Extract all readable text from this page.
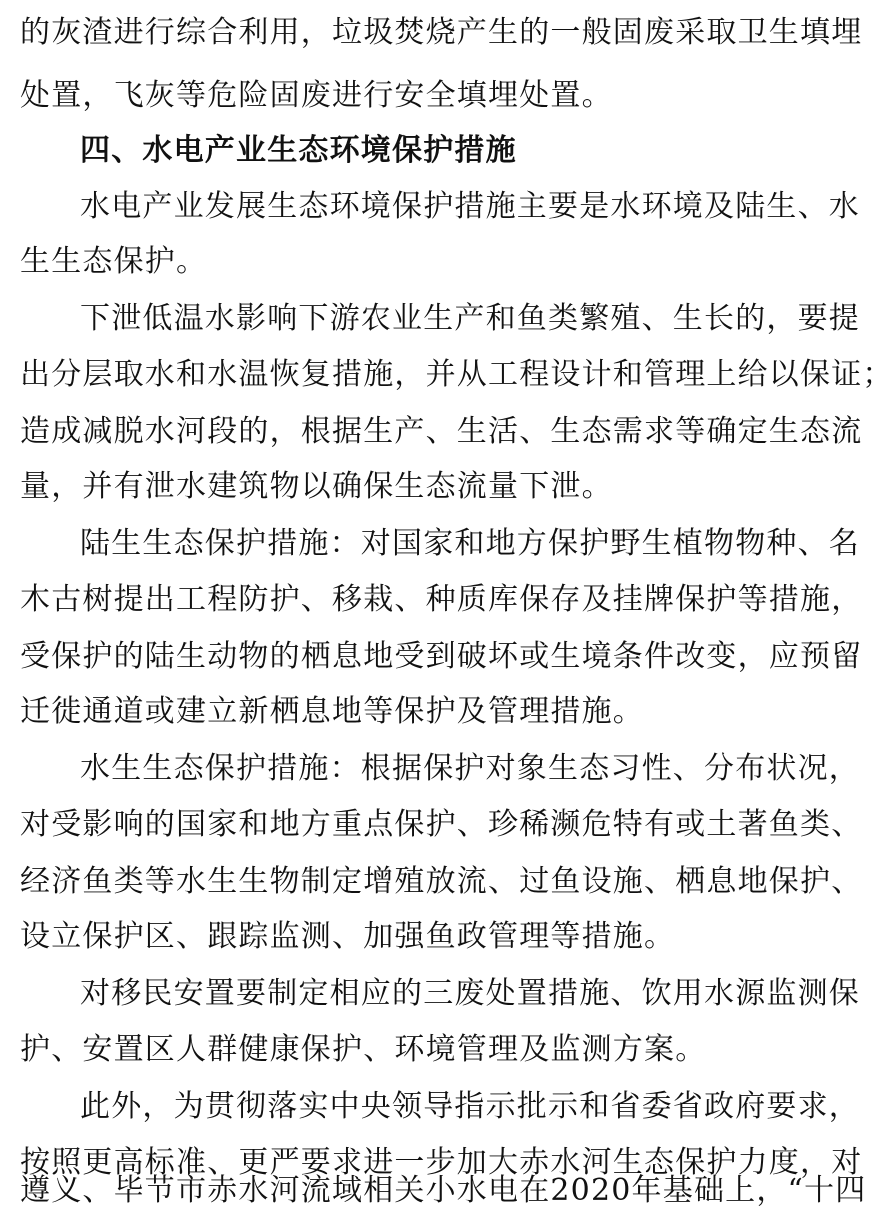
的灰渣进行综合利用，垃圾焚烧产生的一般固废采取卫生填埋
处置，飞灰等危险固废进行安全填埋处置。
四、水电产业生态环境保护措施
水电产业发展生态环境保护措施主要是水环境及陆生、水
生生态保护。
下泄低温水影响下游农业生产和鱼类繁殖、生长的，要提
出分层取水和水温恢复措施，并从工程设计和管理上给以保证；
造成减脱水河段的，根据生产、生活、生态需求等确定生态流
量，并有泄水建筑物以确保生态流量下泄。
陆生生态保护措施：对国家和地方保护野生植物物种、名
木古树提出工程防护、移栽、种质库保存及挂牌保护等措施，
受保护的陆生动物的栖息地受到破坏或生境条件改变，应预留
迁徙通道或建立新栖息地等保护及管理措施。
水生生态保护措施：根据保护对象生态习性、分布状况，
对受影响的国家和地方重点保护、珍稀濒危特有或土著鱼类、
经济鱼类等水生生物制定增殖放流、过鱼设施、栖息地保护、
设立保护区、跟踪监测、加强鱼政管理等措施。
对移民安置要制定相应的三废处置措施、饮用水源监测保
护、安置区人群健康保护、环境管理及监测方案。
此外，为贯彻落实中央领导指示批示和省委省政府要求，
按照更高标准、更严要求进一步加大赤水河生态保护力度，对
遵义、毕节市赤水河流域相关小水电在2020年基础上，“十四
